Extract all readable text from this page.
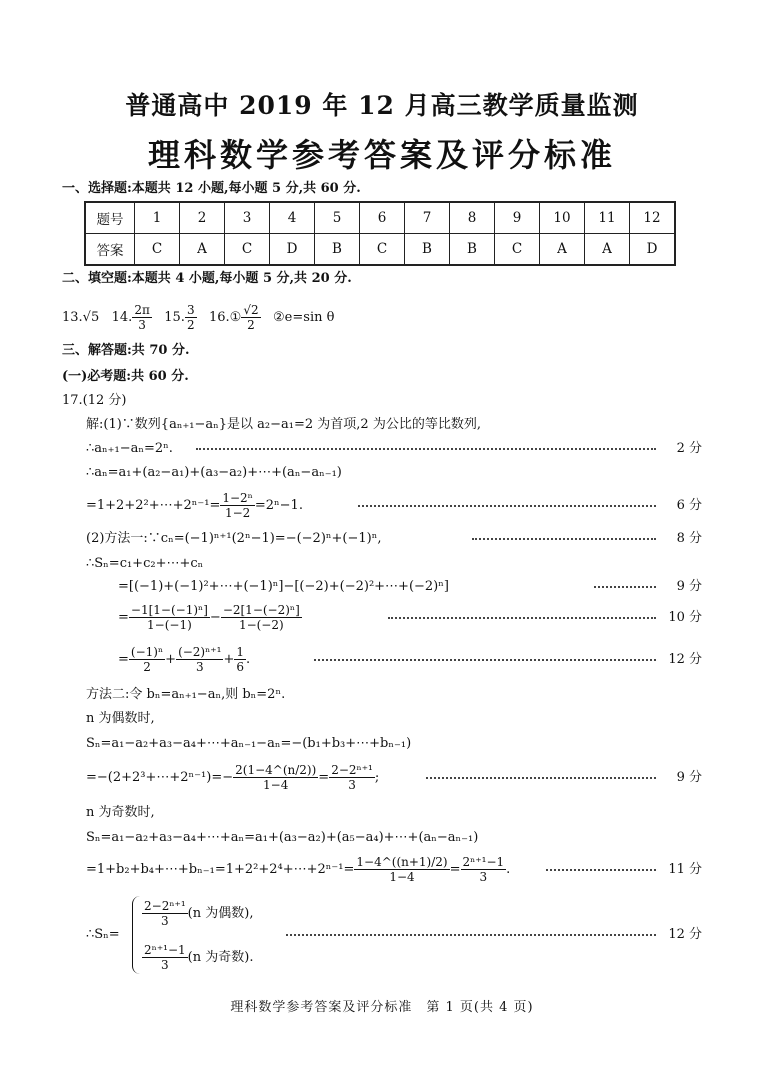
普通高中 2019 年 12 月高三教学质量监测
理科数学参考答案及评分标准
一、选择题:本题共 12 小题,每小题 5 分,共 60 分.
题号	1	2	3	4	5	6	7	8	9	10	11	12
答案	C	A	C	D	B	C	B	B	C	A	A	D
二、填空题:本题共 4 小题,每小题 5 分,共 20 分.
13.√5 14. $\frac{2\pi}{3} 15$. $\frac{3}{2}$ 16.① $\frac{√2}{2}$ ②e=sin θ
三、解答题:共 70 分.
(一)必考题:共 60 分.
17.(12 分)
解:(1)∵数列{aₙ₊₁−aₙ}是以 a₂−a₁=2 为首项,2 为公比的等比数列,
∴aₙ₊₁−aₙ=2ⁿ.	2 分
∴aₙ=a₁+(a₂−a₁)+(a₃−a₂)+⋯+(aₙ−aₙ₋₁)
=1+2+2²+⋯+2ⁿ⁻¹= $\frac{\text{1−2ⁿ}}{1-2} =2^n-1$.	6 分
(2)方法一:∵cₙ=(−1)ⁿ⁺¹(2ⁿ−1)=−(−2)ⁿ+(−1)ⁿ,	8 分
∴Sₙ=c₁+c₂+⋯+cₙ
=[(−1)+(−1)²+⋯+(−1)ⁿ]−[(−2)+(−2)²+⋯+(−2)ⁿ]	9 分
= $\frac{\text{−1[1−(−1)ⁿ]}}{1-(-1)} - \frac{\text{−2[1−(−2)ⁿ]}}{1-(-2)}$	10 分
= $\frac{\text{(−1)ⁿ}}{2} + \frac{\text{(−2)ⁿ⁺¹}}{3} + \frac{1}{6}$ .	12 分
方法二:令 bₙ=aₙ₊₁−aₙ,则 bₙ=2ⁿ.
n 为偶数时,
Sₙ=a₁−a₂+a₃−a₄+⋯+aₙ₋₁−aₙ=−(b₁+b₃+⋯+bₙ₋₁)
=−(2+2³+⋯+2ⁿ⁻¹)=− $\frac{2(1-4\^{}(n/2))}{1-4} = \frac{\text{2−2ⁿ⁺¹}}{3}$ ;	9 分
n 为奇数时,
Sₙ=a₁−a₂+a₃−a₄+⋯+aₙ=a₁+(a₃−a₂)+(a₅−a₄)+⋯+(aₙ−aₙ₋₁)
=1+b₂+b₄+⋯+bₙ₋₁=1+2²+2⁴+⋯+2ⁿ⁻¹= $\frac{1-4\^{}((n+1)/2)}{1-4} = \frac{\text{2ⁿ⁺¹−1}}{3}$ .	11 分
∴Sₙ=
$\frac{\text{2−2ⁿ⁺¹}}{3} (n$ 为偶数),
$\frac{\text{2ⁿ⁺¹−1}}{3} (n$ 为奇数).
12 分
理科数学参考答案及评分标准　第 1 页(共 4 页)
